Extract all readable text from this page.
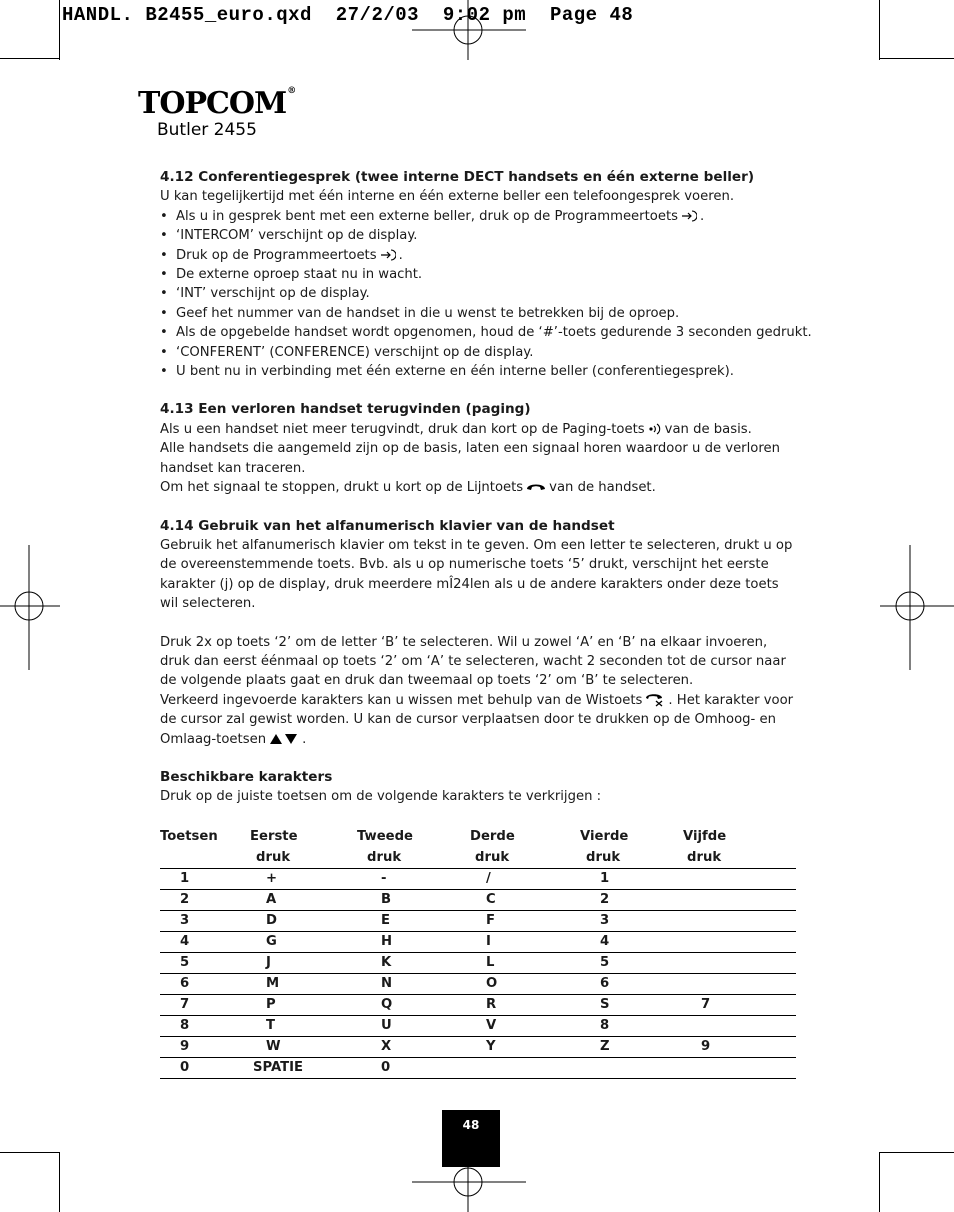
HANDL. B2455_euro.qxd  27/2/03  9:02 pm  Page 48
TOPCOM®
Butler 2455
4.12 Conferentiegesprek (twee interne DECT handsets en één externe beller)

U kan tegelijkertijd met één interne en één externe beller een telefoongesprek voeren.

• Als u in gesprek bent met een externe beller, druk op de Programmeertoets .
• ‘INTERCOM’ verschijnt op de display.
• Druk op de Programmeertoets .
• De externe oproep staat nu in wacht.
• ‘INT’ verschijnt op de display.
• Geef het nummer van de handset in die u wenst te betrekken bij de oproep.
• Als de opgebelde handset wordt opgenomen, houd de ‘#’-toets gedurende 3 seconden gedrukt.
• ‘CONFERENT’ (CONFERENCE) verschijnt op de display.
• U bent nu in verbinding met één externe en één interne beller (conferentiegesprek).
4.13 Een verloren handset terugvinden (paging)

Als u een handset niet meer terugvindt, druk dan kort op de Paging-toets van de basis.

Alle handsets die aangemeld zijn op de basis, laten een signaal horen waardoor u de verloren

handset kan traceren.

Om het signaal te stoppen, drukt u kort op de Lijntoets van de handset.

4.14 Gebruik van het alfanumerisch klavier van de handset

Gebruik het alfanumerisch klavier om tekst in te geven. Om een letter te selecteren, drukt u op

de overeenstemmende toets. Bvb. als u op numerische toets ‘5’ drukt, verschijnt het eerste

karakter (j) op de display, druk meerdere mÎ24len als u de andere karakters onder deze toets

wil selecteren.

Druk 2x op toets ‘2’ om de letter ‘B’ te selecteren. Wil u zowel ‘A’ en ‘B’ na elkaar invoeren,

druk dan eerst éénmaal op toets ‘2’ om ‘A’ te selecteren, wacht 2 seconden tot de cursor naar

de volgende plaats gaat en druk dan tweemaal op toets ‘2’ om ‘B’ te selecteren.

Verkeerd ingevoerde karakters kan u wissen met behulp van de Wistoets . Het karakter voor

de cursor zal gewist worden. U kan de cursor verplaatsen door te drukken op de Omhoog- en

Omlaag-toetsen	.

Beschikbare karakters

Druk op de juiste toetsen om de volgende karakters te verkrijgen :

Toetsen	Eerste	Tweede	Derde	Vierde	Vijfde
	druk	druk	druk	druk	druk
1	+	-	/	1	
2	A	B	C	2	
3	D	E	F	3	
4	G	H	I	4	
5	J	K	L	5	
6	M	N	O	6	
7	P	Q	R	S	7
8	T	U	V	8	
9	W	X	Y	Z	9
0	SPATIE	0			
48
